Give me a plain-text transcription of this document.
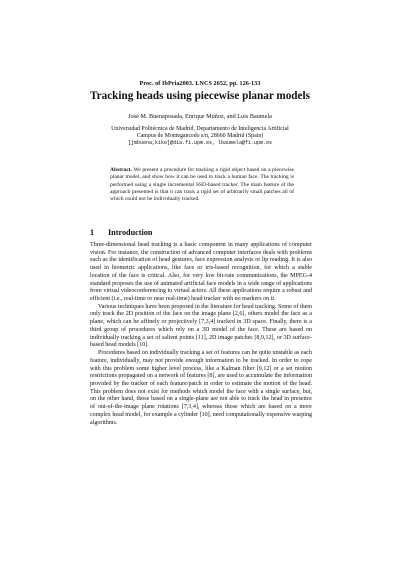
Proc. of IbPria2003. LNCS 2652, pp. 126-133
Tracking heads using piecewise planar models
José M. Buenaposada, Enrique Muñoz, and Luis Baumela
Universidad Politécnica de Madrid, Departamento de Inteligencia Artificial
Campus de Montegancedo s/n, 28660 Madrid (Spain)
[jmbuena,kike]@dia.fi.upm.es, lbaumela@fi.upm.es
Abstract. We present a procedure for tracking a rigid object based on a piecewise planar model, and show how it can be used to track a human face. The tracking is performed using a single incremental SSD-based tracker. The main feature of the approach presented is that it can track a rigid set of arbitrarily small patches all of which could not be individually tracked.
1 Introduction

Three-dimensional head tracking is a basic component in many applications of computer vision. For instance, the construction of advanced computer interfaces deals with problems such as the identification of head gestures, face expression analysis or lip reading. It is also used in biometric applications, like face or iris-based recognition, for which a stable location of the face is critical. Also, for very low bit-rate communications, the MPEG-4 standard proposes the use of animated artificial face models in a wide range of applications from virtual videoconferencing to virtual actors. All these applications require a robust and efficient (i.e., real-time or near real-time) head tracker with no markers on it.

Various techniques have been proposed in the literature for head tracking. Some of them only track the 2D position of the face on the image plane [2,6], others model the face as a plane, which can be affinely or projectively [7,3,4] tracked in 3D space. Finally, there is a third group of procedures which rely on a 3D model of the face. These are based on individually tracking a set of salient points [11], 2D image patches [8,9,12], or 3D surface-based head models [10].

Procedures based on individually tracking a set of features can be quite unstable as each feature, individually, may not provide enough information to be tracked. In order to cope with this problem some higher level process, like a Kalman filter [9,12] or a set motion restrictions propagated on a network of features [8], are used to accumulate the information provided by the tracker of each feature/patch in order to estimate the motion of the head. This problem does not exist for methods which model the face with a single surface, but, on the other hand, those based on a single-plane are not able to track the head in presence of out-of-the-image plane rotations [7,3,4], whereas those which are based on a more complex head model, for example a cylinder [10], need computationally expensive warping algorithms.
